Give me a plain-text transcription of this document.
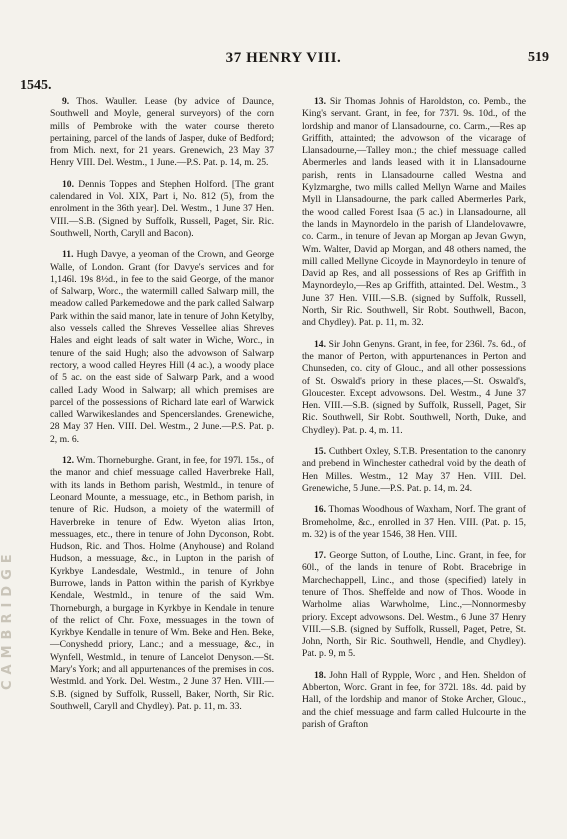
37 HENRY VIII.	519
1545.
CAMBRIDGE

9. Thos. Wauller. Lease (by advice of Daunce, Southwell and Moyle, general surveyors) of the corn mills of Pembroke with the water course thereto pertaining, parcel of the lands of Jasper, duke of Bedford; from Mich. next, for 21 years. Grenewich, 23 May 37 Henry VIII. Del. Westm., 1 June.—P.S. Pat. p. 14, m. 25.

10. Dennis Toppes and Stephen Holford. [The grant calendared in Vol. XIX, Part i, No. 812 (5), from the enrolment in the 36th year]. Del. Westm., 1 June 37 Hen. VIII.—S.B. (Signed by Suffolk, Russell, Paget, Sir. Ric. Southwell, North, Caryll and Bacon).

11. Hugh Davye, a yeoman of the Crown, and George Walle, of London. Grant (for Davye's services and for 1,146l. 19s 8½d., in fee to the said George, of the manor of Salwarp, Worc., the watermill called Salwarp mill, the meadow called Parkemedowe and the park called Salwarp Park within the said manor, late in tenure of John Ketylby, also vessels called the Shreves Vessellee alias Shreves Hales and eight leads of salt water in Wiche, Worc., in tenure of the said Hugh; also the advowson of Salwarp rectory, a wood called Heyres Hill (4 ac.), a woody place of 5 ac. on the east side of Salwarp Park, and a wood called Lady Wood in Salwarp; all which premises are parcel of the possessions of Richard late earl of Warwick called Warwikeslandes and Spencerslandes. Grenewiche, 28 May 37 Hen. VIII. Del. Westm., 2 June.—P.S. Pat. p. 2, m. 6.

12. Wm. Thorneburghe. Grant, in fee, for 197l. 15s., of the manor and chief messuage called Haverbreke Hall, with its lands in Bethom parish, Westmld., in tenure of Leonard Mounte, a messuage, etc., in Bethom parish, in tenure of Ric. Hudson, a moiety of the watermill of Haverbreke in tenure of Edw. Wyeton alias Irton, messuages, etc., there in tenure of John Dyconson, Robt. Hudson, Ric. and Thos. Holme (Anyhouse) and Roland Hudson, a messuage, &c., in Lupton in the parish of Kyrkbye Landesdale, Westmld., in tenure of John Burrowe, lands in Patton within the parish of Kyrkbye Kendale, Westmld., in tenure of the said Wm. Thorneburgh, a burgage in Kyrkbye in Kendale in tenure of the relict of Chr. Foxe, messuages in the town of Kyrkbye Kendalle in tenure of Wm. Beke and Hen. Beke,—Conyshedd priory, Lanc.; and a messuage, &c., in Wynfell, Westmld., in tenure of Lancelot Denyson.—St. Mary's York; and all appurtenances of the premises in cos. Westmld. and York. Del. Westm., 2 June 37 Hen. VIII.—S.B. (signed by Suffolk, Russell, Baker, North, Sir Ric. Southwell, Caryll and Chydley). Pat. p. 11, m. 33.

13. Sir Thomas Johnis of Haroldston, co. Pemb., the King's servant. Grant, in fee, for 737l. 9s. 10d., of the lordship and manor of Llansadourne, co. Carm.,—Res ap Griffith, attainted; the advowson of the vicarage of Llansadourne,—Talley mon.; the chief messuage called Abermerles and lands leased with it in Llansadourne parish, rents in Llansadourne called Westna and Kylzmarghe, two mills called Mellyn Warne and Mailes Myll in Llansadourne, the park called Abermerles Park, the wood called Forest Isaa (5 ac.) in Llansadourne, all the lands in Maynordelo in the parish of Llandelovawre, co. Carm., in tenure of Jevan ap Morgan ap Jevan Gwyn, Wm. Walter, David ap Morgan, and 48 others named, the mill called Mellyne Cicoyde in Maynordeylo in tenure of David ap Res, and all possessions of Res ap Griffith in Maynordeylo,—Res ap Griffith, attainted. Del. Westm., 3 June 37 Hen. VIII.—S.B. (signed by Suffolk, Russell, North, Sir Ric. Southwell, Sir Robt. Southwell, Bacon, and Chydley). Pat. p. 11, m. 32.

14. Sir John Genyns. Grant, in fee, for 236l. 7s. 6d., of the manor of Perton, with appurtenances in Perton and Chunseden, co. city of Glouc., and all other possessions of St. Oswald's priory in these places,—St. Oswald's, Gloucester. Except advowsons. Del. Westm., 4 June 37 Hen. VIII.—S.B. (signed by Suffolk, Russell, Paget, Sir Ric. Southwell, Sir Robt. Southwell, North, Duke, and Chydley). Pat. p. 4, m. 11.

15. Cuthbert Oxley, S.T.B. Presentation to the canonry and prebend in Winchester cathedral void by the death of Hen Milles. Westm., 12 May 37 Hen. VIII. Del. Grenewiche, 5 June.—P.S. Pat. p. 14, m. 24.

16. Thomas Woodhous of Waxham, Norf. The grant of Bromeholme, &c., enrolled in 37 Hen. VIII. (Pat. p. 15, m. 32) is of the year 1546, 38 Hen. VIII.

17. George Sutton, of Louthe, Linc. Grant, in fee, for 60l., of the lands in tenure of Robt. Bracebrige in Marchechappell, Linc., and those (specified) lately in tenure of Thos. Sheffelde and now of Thos. Woode in Warholme alias Warwholme, Linc.,—Nonnormesby priory. Except advowsons. Del. Westm., 6 June 37 Henry VIII.—S.B. (signed by Suffolk, Russell, Paget, Petre, St. John, North, Sir Ric. Southwell, Hendle, and Chydley). Pat. p. 9, m 5.

18. John Hall of Rypple, Worc , and Hen. Sheldon of Abberton, Worc. Grant in fee, for 372l. 18s. 4d. paid by Hall, of the lordship and manor of Stoke Archer, Glouc., and the chief messuage and farm called Hulcourte in the parish of Grafton
